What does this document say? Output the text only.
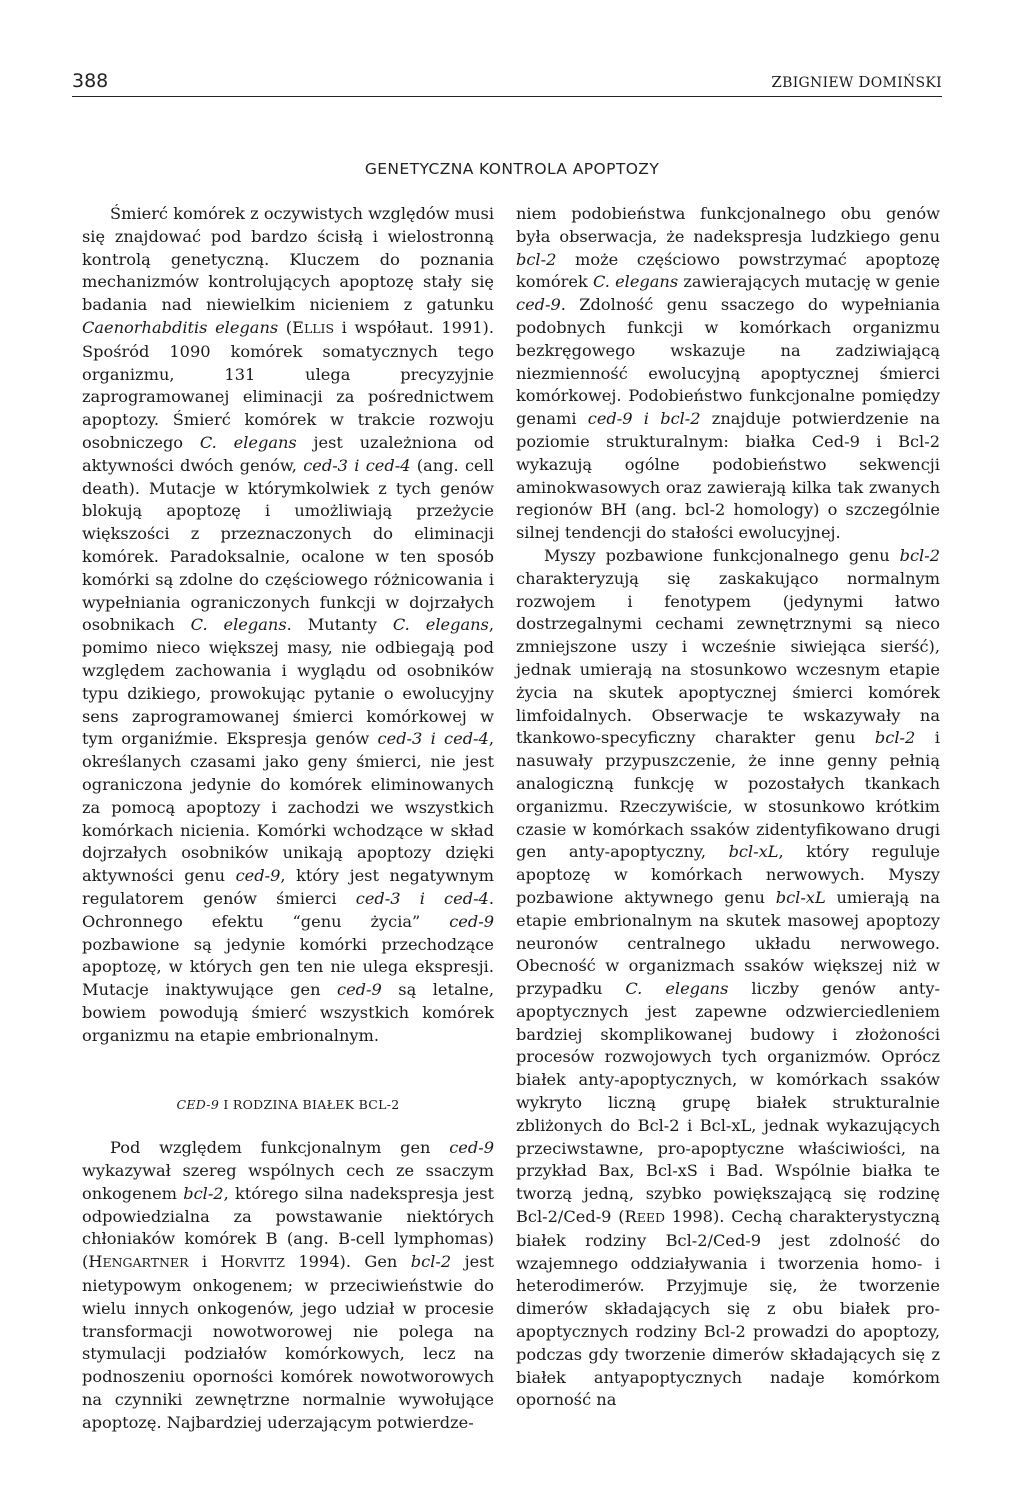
388	ZBIGNIEW DOMIŃSKI
GENETYCZNA KONTROLA APOPTOZY

Śmierć komórek z oczywistych względów musi się znajdować pod bardzo ścisłą i wielostronną kontrolą genetyczną. Kluczem do poznania mechanizmów kontrolujących apoptozę stały się badania nad niewielkim nicieniem z gatunku Caenorhabditis elegans (ELLIS i współaut. 1991). Spośród 1090 komórek somatycznych tego organizmu, 131 ulega precyzyjnie zaprogramowanej eliminacji za pośrednictwem apoptozy. Śmierć komórek w trakcie rozwoju osobniczego C. elegans jest uzależniona od aktywności dwóch genów, ced-3 i ced-4 (ang. cell death). Mutacje w którymkolwiek z tych genów blokują apoptozę i umożliwiają przeżycie większości z przeznaczonych do eliminacji komórek. Paradoksalnie, ocalone w ten sposób komórki są zdolne do częściowego różnicowania i wypełniania ograniczonych funkcji w dojrzałych osobnikach C. elegans. Mutanty C. elegans, pomimo nieco większej masy, nie odbiegają pod względem zachowania i wyglądu od osobników typu dzikiego, prowokując pytanie o ewolucyjny sens zaprogramowanej śmierci komórkowej w tym organiźmie. Ekspresja genów ced-3 i ced-4, określanych czasami jako geny śmierci, nie jest ograniczona jedynie do komórek eliminowanych za pomocą apoptozy i zachodzi we wszystkich komórkach nicienia. Komórki wchodzące w skład dojrzałych osobników unikają apoptozy dzięki aktywności genu ced-9, który jest negatywnym regulatorem genów śmierci ced-3 i ced-4. Ochronnego efektu “genu życia” ced-9 pozbawione są jedynie komórki przechodzące apoptozę, w których gen ten nie ulega ekspresji. Mutacje inaktywujące gen ced-9 są letalne, bowiem powodują śmierć wszystkich komórek organizmu na etapie embrionalnym.

CED-9 I RODZINA BIAŁEK BCL-2

Pod względem funkcjonalnym gen ced-9 wykazywał szereg wspólnych cech ze ssaczym onkogenem bcl-2, którego silna nadekspresja jest odpowiedzialna za powstawanie niektórych chłoniaków komórek B (ang. B-cell lymphomas) (HENGARTNER i HORVITZ 1994). Gen bcl-2 jest nietypowym onkogenem; w przeciwieństwie do wielu innych onkogenów, jego udział w procesie transformacji nowotworowej nie polega na stymulacji podziałów komórkowych, lecz na podnoszeniu oporności komórek nowotworowych na czynniki zewnętrzne normalnie wywołujące apoptozę. Najbardziej uderzającym potwierdze-

niem podobieństwa funkcjonalnego obu genów była obserwacja, że nadekspresja ludzkiego genu bcl-2 może częściowo powstrzymać apoptozę komórek C. elegans zawierających mutację w genie ced-9. Zdolność genu ssaczego do wypełniania podobnych funkcji w komórkach organizmu bezkręgowego wskazuje na zadziwiającą niezmienność ewolucyjną apoptycznej śmierci komórkowej. Podobieństwo funkcjonalne pomiędzy genami ced-9 i bcl-2 znajduje potwierdzenie na poziomie strukturalnym: białka Ced-9 i Bcl-2 wykazują ogólne podobieństwo sekwencji aminokwasowych oraz zawierają kilka tak zwanych regionów BH (ang. bcl-2 homology) o szczególnie silnej tendencji do stałości ewolucyjnej.

Myszy pozbawione funkcjonalnego genu bcl-2 charakteryzują się zaskakująco normalnym rozwojem i fenotypem (jedynymi łatwo dostrzegalnymi cechami zewnętrznymi są nieco zmniejszone uszy i wcześnie siwiejąca sierść), jednak umierają na stosunkowo wczesnym etapie życia na skutek apoptycznej śmierci komórek limfoidalnych. Obserwacje te wskazywały na tkankowo-specyficzny charakter genu bcl-2 i nasuwały przypuszczenie, że inne genny pełnią analogiczną funkcję w pozostałych tkankach organizmu. Rzeczywiście, w stosunkowo krótkim czasie w komórkach ssaków zidentyfikowano drugi gen anty-apoptyczny, bcl-xL, który reguluje apoptozę w komórkach nerwowych. Myszy pozbawione aktywnego genu bcl-xL umierają na etapie embrionalnym na skutek masowej apoptozy neuronów centralnego układu nerwowego. Obecność w organizmach ssaków większej niż w przypadku C. elegans liczby genów anty-apoptycznych jest zapewne odzwierciedleniem bardziej skomplikowanej budowy i złożoności procesów rozwojowych tych organizmów. Oprócz białek anty-apoptycznych, w komórkach ssaków wykryto liczną grupę białek strukturalnie zbliżonych do Bcl-2 i Bcl-xL, jednak wykazujących przeciwstawne, pro-apoptyczne właściwiości, na przykład Bax, Bcl-xS i Bad. Wspólnie białka te tworzą jedną, szybko powiększającą się rodzinę Bcl-2/Ced-9 (REED 1998). Cechą charakterystyczną białek rodziny Bcl-2/Ced-9 jest zdolność do wzajemnego oddziaływania i tworzenia homo- i heterodimerów. Przyjmuje się, że tworzenie dimerów składających się z obu białek pro-apoptycznych rodziny Bcl-2 prowadzi do apoptozy, podczas gdy tworzenie dimerów składających się z białek antyapoptycznych nadaje komórkom oporność na
